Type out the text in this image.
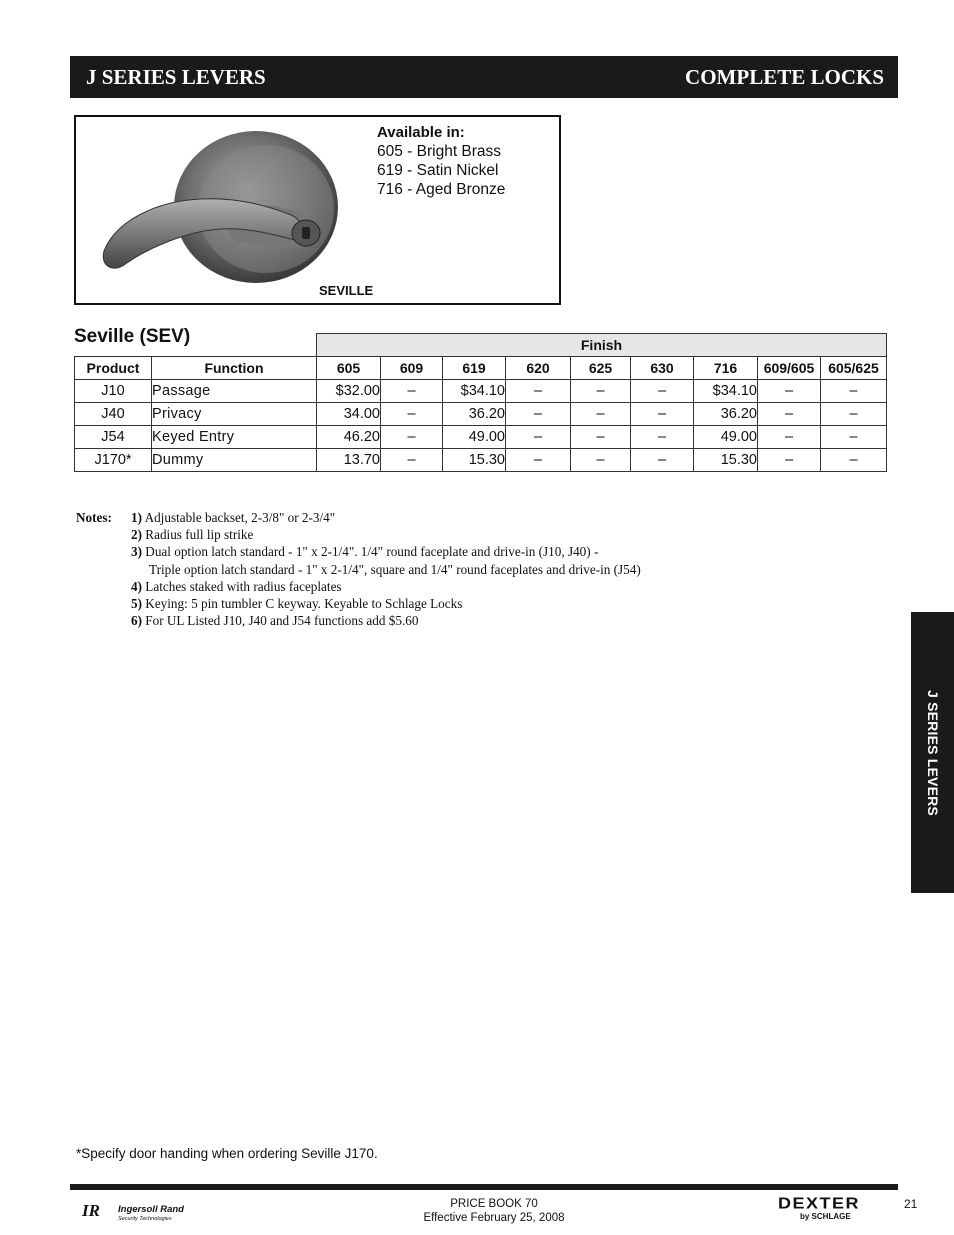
J SERIES LEVERS	COMPLETE LOCKS
Available in:
605 - Bright Brass
619 - Satin Nickel
716 - Aged Bronze
SEVILLE
Seville (SEV)
		Finish								
Product	Function	605	609	619	620	625	630	716	609/605	605/625
J10	Passage	$32.00	–	$34.10	–	–	–	$34.10	–	–
J40	Privacy	34.00	–	36.20	–	–	–	36.20	–	–
J54	Keyed Entry	46.20	–	49.00	–	–	–	49.00	–	–
J170*	Dummy	13.70	–	15.30	–	–	–	15.30	–	–
Notes: 1) Adjustable backset, 2-3/8" or 2-3/4"
2) Radius full lip strike
3) Dual option latch standard - 1" x 2-1/4". 1/4" round faceplate and drive-in (J10, J40) -
Triple option latch standard - 1" x 2-1/4", square and 1/4" round faceplates and drive-in (J54)
4) Latches staked with radius faceplates
5) Keying: 5 pin tumbler C keyway. Keyable to Schlage Locks
6) For UL Listed J10, J40 and J54 functions add $5.60
J SERIES LEVERS
*Specify door handing when ordering Seville J170.
IR	Ingersoll Rand
Security Technologies
PRICE BOOK 70
Effective February 25, 2008
DEXTER
by SCHLAGE
21
